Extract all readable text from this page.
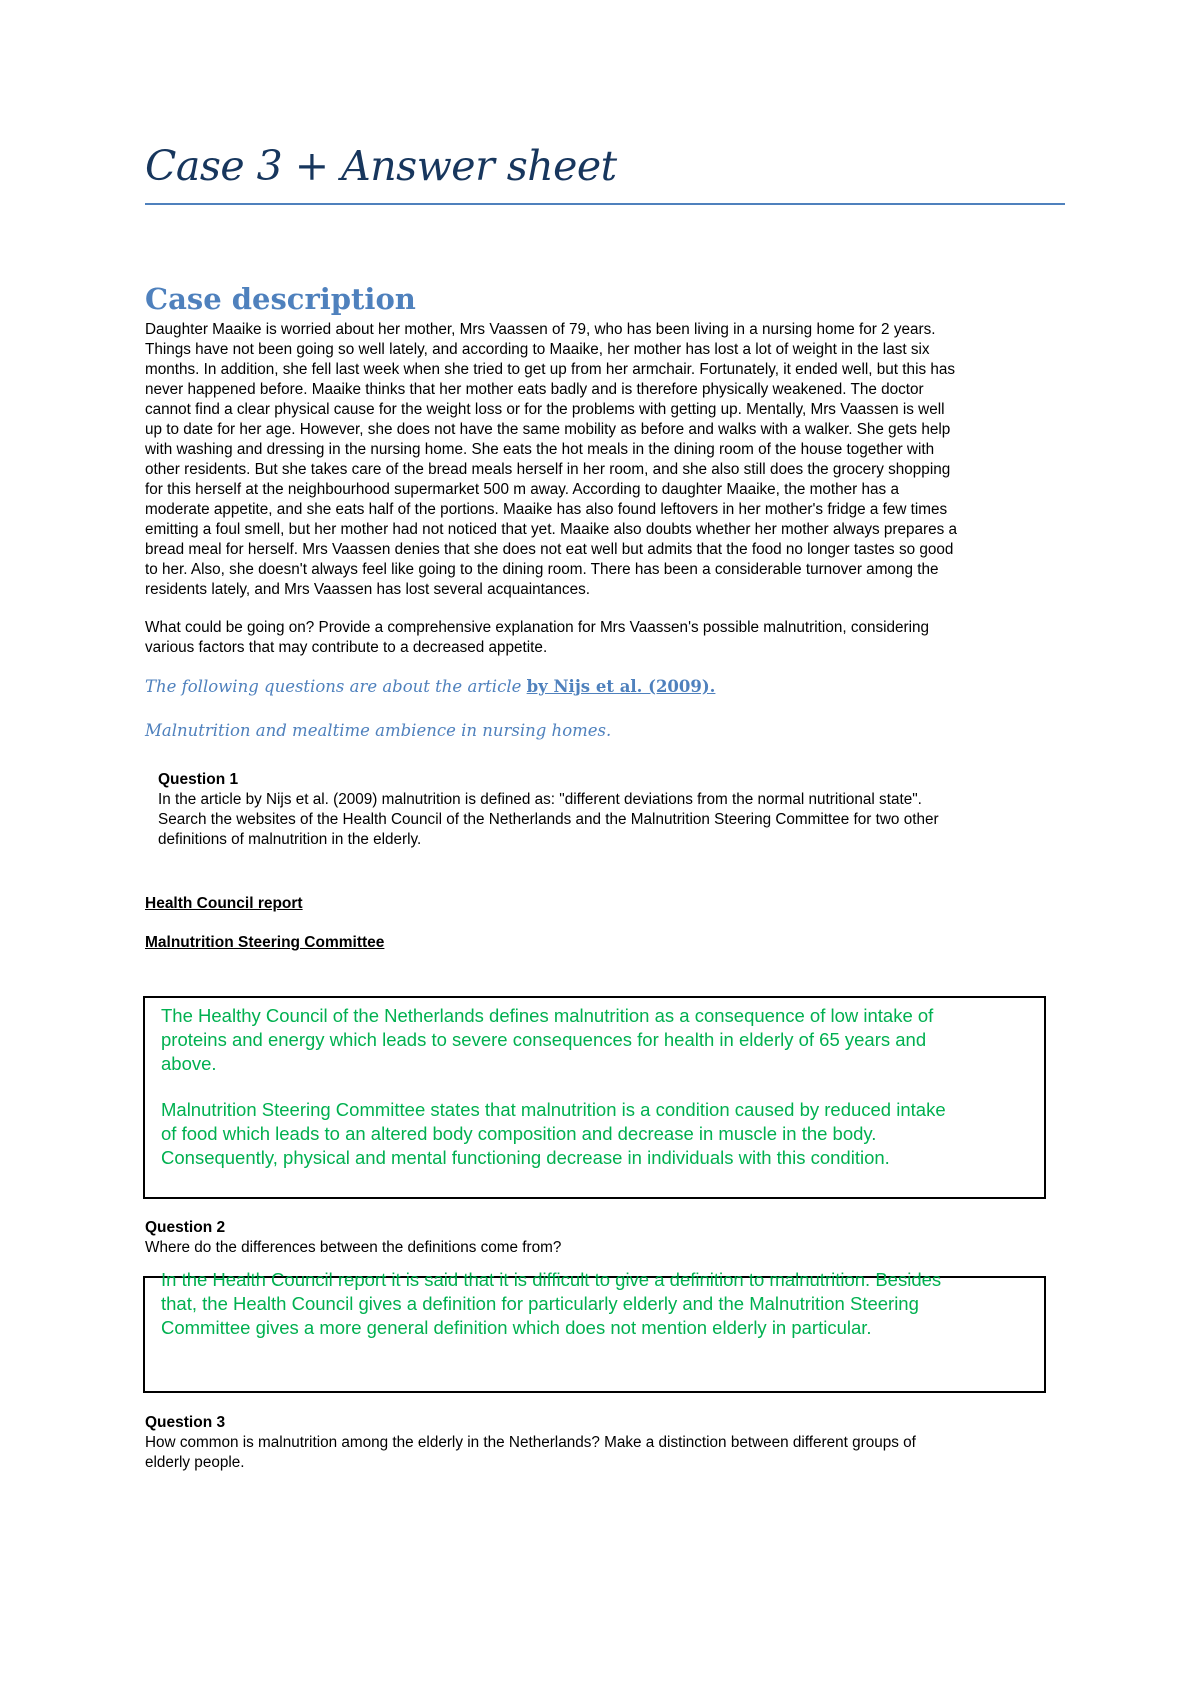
Case 3 + Answer sheet
Case description
Daughter Maaike is worried about her mother, Mrs Vaassen of 79, who has been living in a nursing home for 2 years.
Things have not been going so well lately, and according to Maaike, her mother has lost a lot of weight in the last six
months. In addition, she fell last week when she tried to get up from her armchair. Fortunately, it ended well, but this has
never happened before. Maaike thinks that her mother eats badly and is therefore physically weakened. The doctor
cannot find a clear physical cause for the weight loss or for the problems with getting up. Mentally, Mrs Vaassen is well
up to date for her age. However, she does not have the same mobility as before and walks with a walker. She gets help
with washing and dressing in the nursing home. She eats the hot meals in the dining room of the house together with
other residents. But she takes care of the bread meals herself in her room, and she also still does the grocery shopping
for this herself at the neighbourhood supermarket 500 m away. According to daughter Maaike, the mother has a
moderate appetite, and she eats half of the portions. Maaike has also found leftovers in her mother's fridge a few times
emitting a foul smell, but her mother had not noticed that yet. Maaike also doubts whether her mother always prepares a
bread meal for herself. Mrs Vaassen denies that she does not eat well but admits that the food no longer tastes so good
to her. Also, she doesn't always feel like going to the dining room. There has been a considerable turnover among the
residents lately, and Mrs Vaassen has lost several acquaintances.
What could be going on? Provide a comprehensive explanation for Mrs Vaassen's possible malnutrition, considering
various factors that may contribute to a decreased appetite.
The following questions are about the article by Nijs et al. (2009).
Malnutrition and mealtime ambience in nursing homes.
Question 1
In the article by Nijs et al. (2009) malnutrition is defined as: "different deviations from the normal nutritional state".
Search the websites of the Health Council of the Netherlands and the Malnutrition Steering Committee for two other
definitions of malnutrition in the elderly.
Health Council report
Malnutrition Steering Committee
The Healthy Council of the Netherlands defines malnutrition as a consequence of low intake of
proteins and energy which leads to severe consequences for health in elderly of 65 years and
above.
Malnutrition Steering Committee states that malnutrition is a condition caused by reduced intake
of food which leads to an altered body composition and decrease in muscle in the body.
Consequently, physical and mental functioning decrease in individuals with this condition.
Question 2
Where do the differences between the definitions come from?
In the Health Council report it is said that it is difficult to give a definition to malnutrition. Besides
that, the Health Council gives a definition for particularly elderly and the Malnutrition Steering
Committee gives a more general definition which does not mention elderly in particular.
Question 3
How common is malnutrition among the elderly in the Netherlands? Make a distinction between different groups of
elderly people.
